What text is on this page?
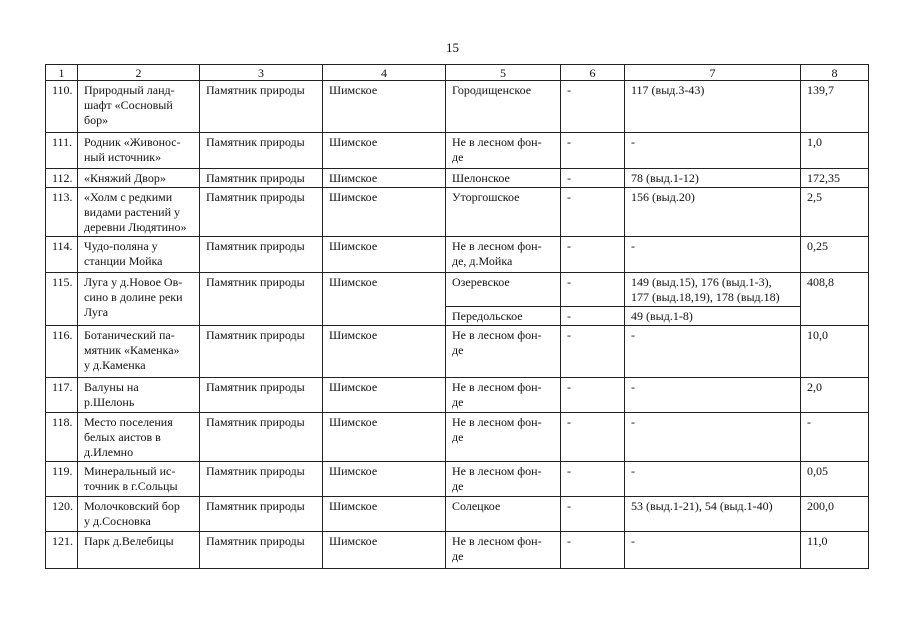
15
1	2	3	4	5	6	7	8
110.	Природный ланд-
шафт «Сосновый
бор»	Памятник природы	Шимское	Городищенское	-	117 (выд.3-43)	139,7
111.	Родник «Живонос-
ный источник»	Памятник природы	Шимское	Не в лесном фон-
де	-	-	1,0
112.	«Княжий Двор»	Памятник природы	Шимское	Шелонское	-	78 (выд.1-12)	172,35
113.	«Холм с редкими
видами растений у
деревни Людятино»	Памятник природы	Шимское	Уторгошское	-	156 (выд.20)	2,5
114.	Чудо-поляна у
станции Мойка	Памятник природы	Шимское	Не в лесном фон-
де, д.Мойка	-	-	0,25
115.	Луга у д.Новое Ов-
сино в долине реки
Луга	Памятник природы	Шимское	Озеревское	-	149 (выд.15), 176 (выд.1-3),
177 (выд.18,19), 178 (выд.18)	408,8
				Передольское	-	49 (выд.1-8)	
116.	Ботанический па-
мятник «Каменка»
у д.Каменка	Памятник природы	Шимское	Не в лесном фон-
де	-	-	10,0
117.	Валуны на
р.Шелонь	Памятник природы	Шимское	Не в лесном фон-
де	-	-	2,0
118.	Место поселения
белых аистов в
д.Илемно	Памятник природы	Шимское	Не в лесном фон-
де	-	-	-
119.	Минеральный ис-
точник в г.Сольцы	Памятник природы	Шимское	Не в лесном фон-
де	-	-	0,05
120.	Молочковский бор
у д.Сосновка	Памятник природы	Шимское	Солецкое	-	53 (выд.1-21), 54 (выд.1-40)	200,0
121.	Парк д.Велебицы	Памятник природы	Шимское	Не в лесном фон-
де	-	-	11,0
